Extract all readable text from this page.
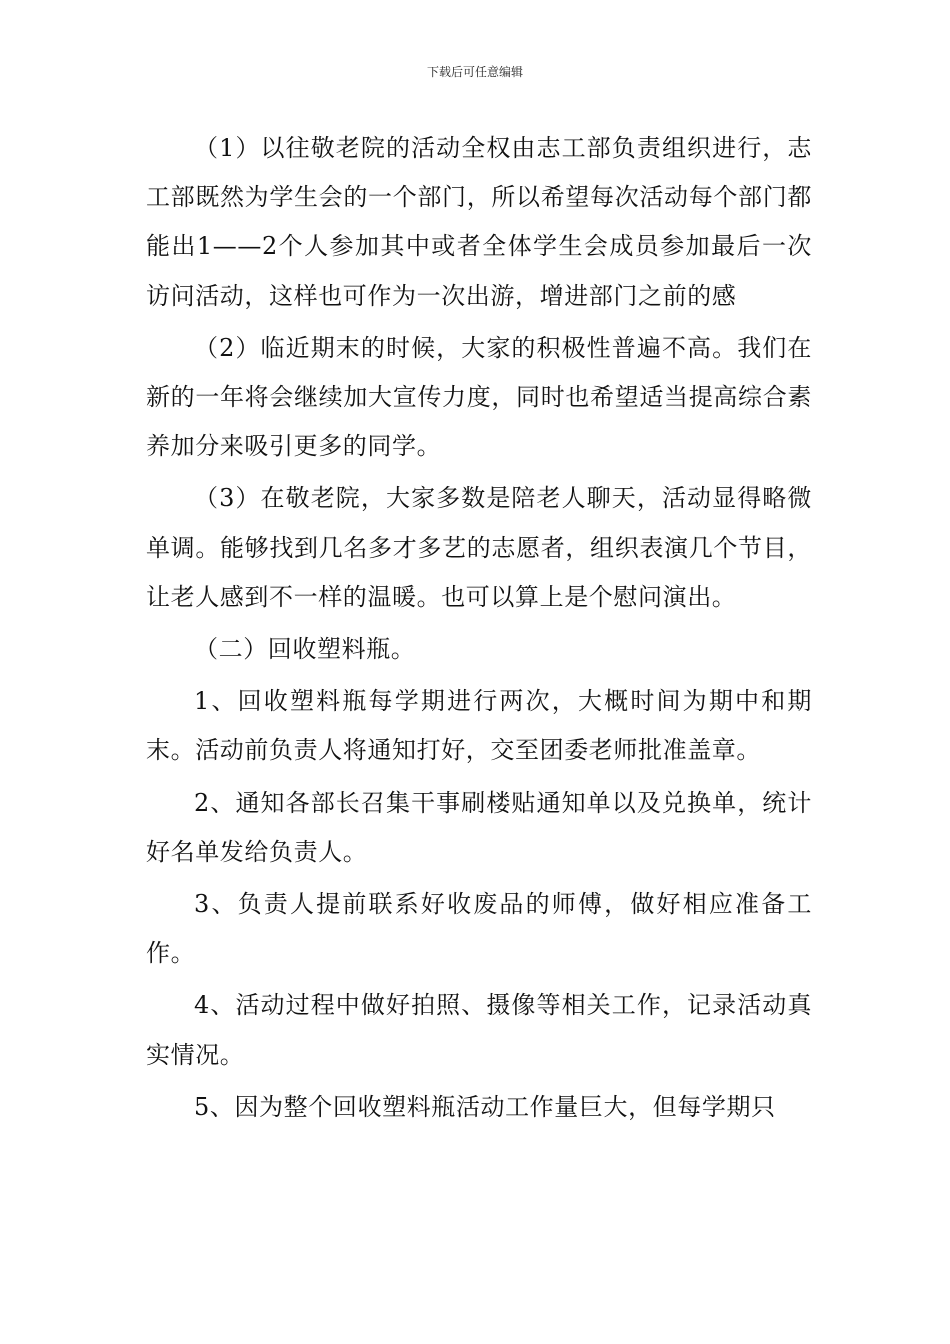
下载后可任意编辑

（1）以往敬老院的活动全权由志工部负责组织进行，志工部既然为学生会的一个部门，所以希望每次活动每个部门都能出1——2个人参加其中或者全体学生会成员参加最后一次访问活动，这样也可作为一次出游，增进部门之前的感

（2）临近期末的时候，大家的积极性普遍不高。我们在新的一年将会继续加大宣传力度，同时也希望适当提高综合素养加分来吸引更多的同学。

（3）在敬老院，大家多数是陪老人聊天，活动显得略微单调。能够找到几名多才多艺的志愿者，组织表演几个节目，让老人感到不一样的温暖。也可以算上是个慰问演出。

（二）回收塑料瓶。

1、回收塑料瓶每学期进行两次，大概时间为期中和期末。活动前负责人将通知打好，交至团委老师批准盖章。

2、通知各部长召集干事刷楼贴通知单以及兑换单，统计好名单发给负责人。

3、负责人提前联系好收废品的师傅，做好相应准备工作。

4、活动过程中做好拍照、摄像等相关工作，记录活动真实情况。

5、因为整个回收塑料瓶活动工作量巨大，但每学期只
